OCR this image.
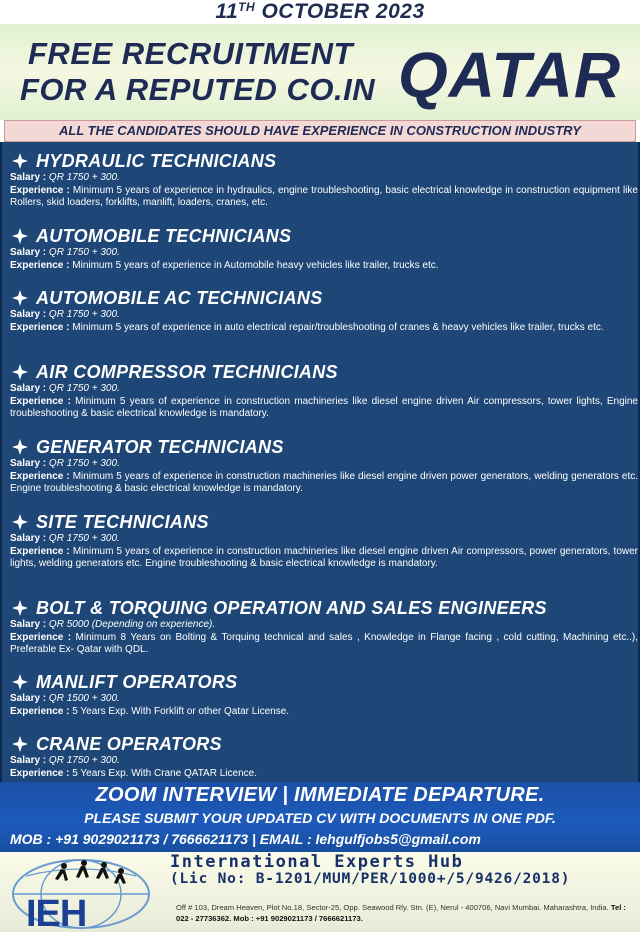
11TH OCTOBER 2023
FREE RECRUITMENT
FOR A REPUTED CO.IN QATAR
ALL THE CANDIDATES SHOULD HAVE EXPERIENCE IN CONSTRUCTION INDUSTRY
HYDRAULIC TECHNICIANS
Salary : QR 1750 + 300.
Experience : Minimum 5 years of experience in hydraulics, engine troubleshooting, basic electrical knowledge in construction equipment like Rollers, skid loaders, forklifts, manlift, loaders, cranes, etc.
AUTOMOBILE TECHNICIANS
Salary : QR 1750 + 300.
Experience : Minimum 5 years of experience in Automobile heavy vehicles like trailer, trucks etc.
AUTOMOBILE AC TECHNICIANS
Salary : QR 1750 + 300.
Experience : Minimum 5 years of experience in auto electrical repair/troubleshooting of cranes & heavy vehicles like trailer, trucks etc.
AIR COMPRESSOR TECHNICIANS
Salary : QR 1750 + 300.
Experience : Minimum 5 years of experience in construction machineries like diesel engine driven Air compressors, tower lights, Engine troubleshooting & basic electrical knowledge is mandatory.
GENERATOR TECHNICIANS
Salary : QR 1750 + 300.
Experience : Minimum 5 years of experience in construction machineries like diesel engine driven power generators, welding generators etc. Engine troubleshooting & basic electrical knowledge is mandatory.
SITE TECHNICIANS
Salary : QR 1750 + 300.
Experience : Minimum 5 years of experience in construction machineries like diesel engine driven Air compressors, power generators, tower lights, welding generators etc. Engine troubleshooting & basic electrical knowledge is mandatory.
BOLT & TORQUING OPERATION AND SALES ENGINEERS
Salary : QR 5000 (Depending on experience).
Experience : Minimum 8 Years on Bolting & Torquing technical and sales , Knowledge in Flange facing , cold cutting, Machining etc..), Preferable Ex- Qatar with QDL.
MANLIFT OPERATORS
Salary : QR 1500 + 300.
Experience : 5 Years Exp. With Forklift or other Qatar License.
CRANE OPERATORS
Salary : QR 1750 + 300.
Experience : 5 Years Exp. With Crane QATAR Licence.
ZOOM INTERVIEW | IMMEDIATE DEPARTURE.
PLEASE SUBMIT YOUR UPDATED CV WITH DOCUMENTS IN ONE PDF.
MOB : +91 9029021173 / 7666621173 | EMAIL : Iehgulfjobs5@gmail.com
IEH
International Experts Hub
(Lic No: B-1201/MUM/PER/1000+/5/9426/2018)
Off # 103, Dream Heaven, Plot No.18, Sector-25, Opp. Seawood Rly. Stn. (E), Nerul - 400706, Navi Mumbai. Maharashtra, India. Tel : 022 - 27736362. Mob : +91 9029021173 / 7666621173.
